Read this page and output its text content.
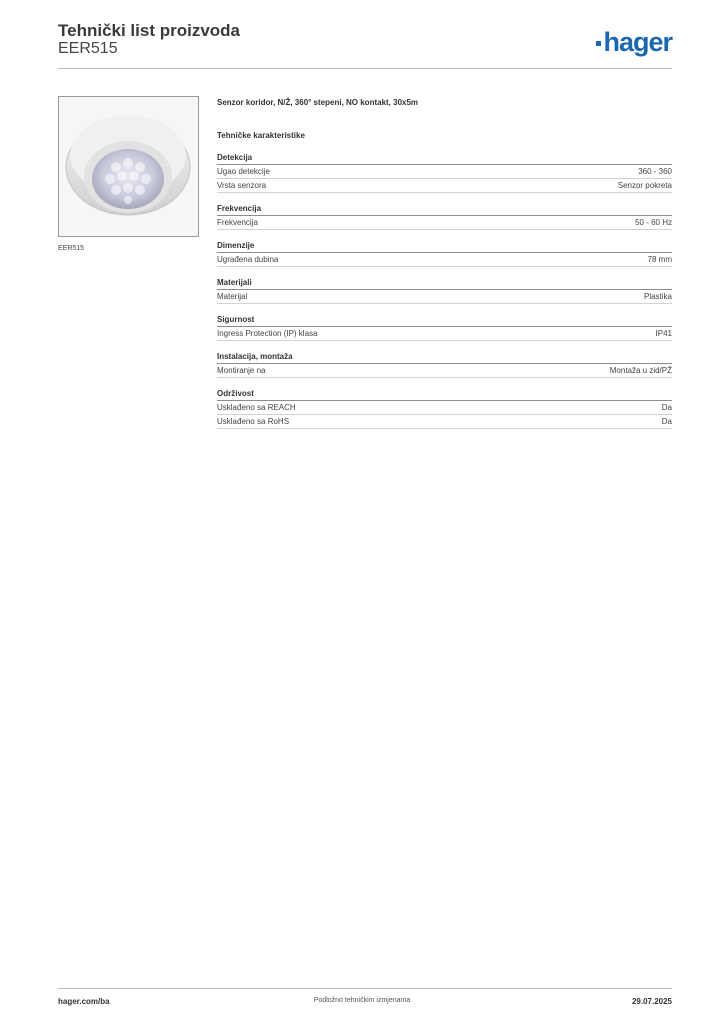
Tehnički list proizvoda
EER515	hager
EER515
Senzor koridor, N/Ž, 360° stepeni, NO kontakt, 30x5m
Tehničke karakteristike
Detekcija
Ugao detekcije	360 - 360
Vrsta senzora	Senzor pokreta
Frekvencija
Frekvencija	50 - 60 Hz
Dimenzije
Ugrađena dubina	78 mm
Materijali
Materijal	Plastika
Sigurnost
Ingress Protection (IP) klasa	IP41
Instalacija, montaža
Montiranje na	Montaža u zid/PŽ
Održivost
Usklađeno sa REACH	Da
Usklađeno sa RoHS	Da
hager.com/ba	Podložno tehničkim izmjenama	29.07.2025
